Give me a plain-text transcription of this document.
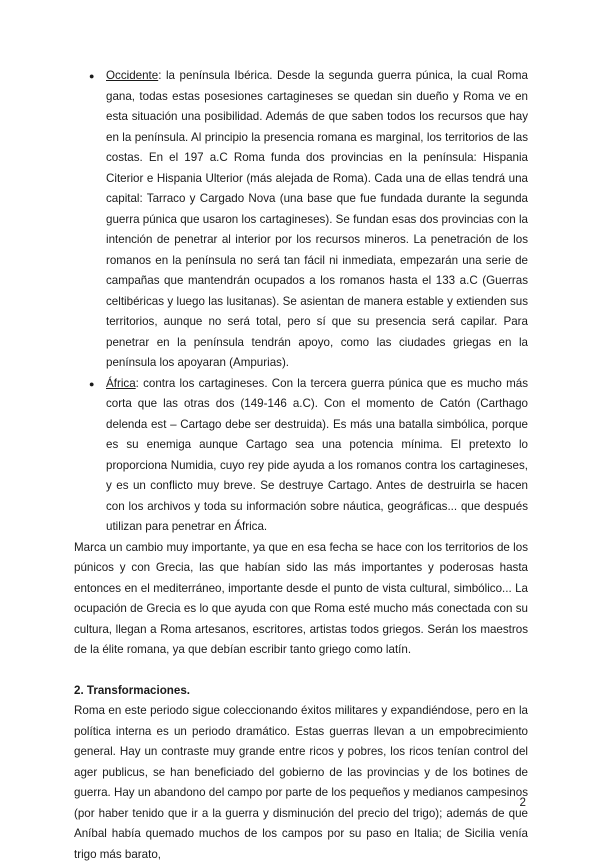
● Occidente: la península Ibérica. Desde la segunda guerra púnica, la cual Roma gana, todas estas posesiones cartagineses se quedan sin dueño y Roma ve en esta situación una posibilidad. Además de que saben todos los recursos que hay en la península. Al principio la presencia romana es marginal, los territorios de las costas. En el 197 a.C Roma funda dos provincias en la península: Hispania Citerior e Hispania Ulterior (más alejada de Roma). Cada una de ellas tendrá una capital: Tarraco y Cargado Nova (una base que fue fundada durante la segunda guerra púnica que usaron los cartagineses). Se fundan esas dos provincias con la intención de penetrar al interior por los recursos mineros. La penetración de los romanos en la península no será tan fácil ni inmediata, empezarán una serie de campañas que mantendrán ocupados a los romanos hasta el 133 a.C (Guerras celtibéricas y luego las lusitanas). Se asientan de manera estable y extienden sus territorios, aunque no será total, pero sí que su presencia será capilar. Para penetrar en la península tendrán apoyo, como las ciudades griegas en la península los apoyaran (Ampurias).
● África: contra los cartagineses. Con la tercera guerra púnica que es mucho más corta que las otras dos (149-146 a.C). Con el momento de Catón (Carthago delenda est – Cartago debe ser destruida). Es más una batalla simbólica, porque es su enemiga aunque Cartago sea una potencia mínima. El pretexto lo proporciona Numidia, cuyo rey pide ayuda a los romanos contra los cartagineses, y es un conflicto muy breve. Se destruye Cartago. Antes de destruirla se hacen con los archivos y toda su información sobre náutica, geográficas... que después utilizan para penetrar en África.

Marca un cambio muy importante, ya que en esa fecha se hace con los territorios de los púnicos y con Grecia, las que habían sido las más importantes y poderosas hasta entonces en el mediterráneo, importante desde el punto de vista cultural, simbólico... La ocupación de Grecia es lo que ayuda con que Roma esté mucho más conectada con su cultura, llegan a Roma artesanos, escritores, artistas todos griegos. Serán los maestros de la élite romana, ya que debían escribir tanto griego como latín.

2. Transformaciones.

Roma en este periodo sigue coleccionando éxitos militares y expandiéndose, pero en la política interna es un periodo dramático. Estas guerras llevan a un empobrecimiento general. Hay un contraste muy grande entre ricos y pobres, los ricos tenían control del ager publicus, se han beneficiado del gobierno de las provincias y de los botines de guerra. Hay un abandono del campo por parte de los pequeños y medianos campesinos (por haber tenido que ir a la guerra y disminución del precio del trigo); además de que Aníbal había quemado muchos de los campos por su paso en Italia; de Sicilia venía trigo más barato,

2
